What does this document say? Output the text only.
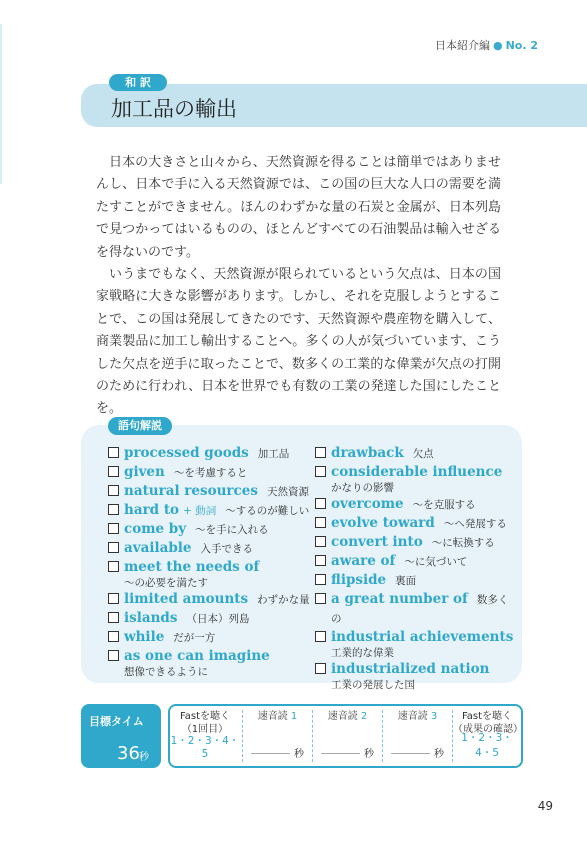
日本紹介編 ● No. 2
和 訳
加工品の輸出

日本の大きさと山々から、天然資源を得ることは簡単ではありませんし、日本で手に入る天然資源では、この国の巨大な人口の需要を満たすことができません。ほんのわずかな量の石炭と金属が、日本列島で見つかってはいるものの、ほとんどすべての石油製品は輸入せざるを得ないのです。

いうまでもなく、天然資源が限られているという欠点は、日本の国家戦略に大きな影響があります。しかし、それを克服しようとすることで、この国は発展してきたのです、天然資源や農産物を購入して、商業製品に加工し輸出することへ。多くの人が気づいています、こうした欠点を逆手に取ったことで、数多くの工業的な偉業が欠点の打開のために行われ、日本を世界でも有数の工業の発達した国にしたことを。

語句解説
processed goods 加工品
given ～を考慮すると
natural resources 天然資源
hard to + 動詞 ～するのが難しい
come by ～を手に入れる
available 入手できる
meet the needs of
～の必要を満たす
limited amounts わずかな量
islands （日本）列島
while だが一方
as one can imagine
想像できるように
drawback 欠点
considerable influence
かなりの影響
overcome ～を克服する
evolve toward ～へ発展する
convert into ～に転換する
aware of ～に気づいて
flipside 裏面
a great number of 数多くの
industrial achievements
工業的な偉業
industrialized nation
工業の発展した国
目標タイム
36 秒
Fastを聴く
（1回目）
1・2・3・4・5
速音読 1
秒
速音読 2
秒
速音読 3
秒
Fastを聴く
（成果の確認）
1・2・3・4・5
49
